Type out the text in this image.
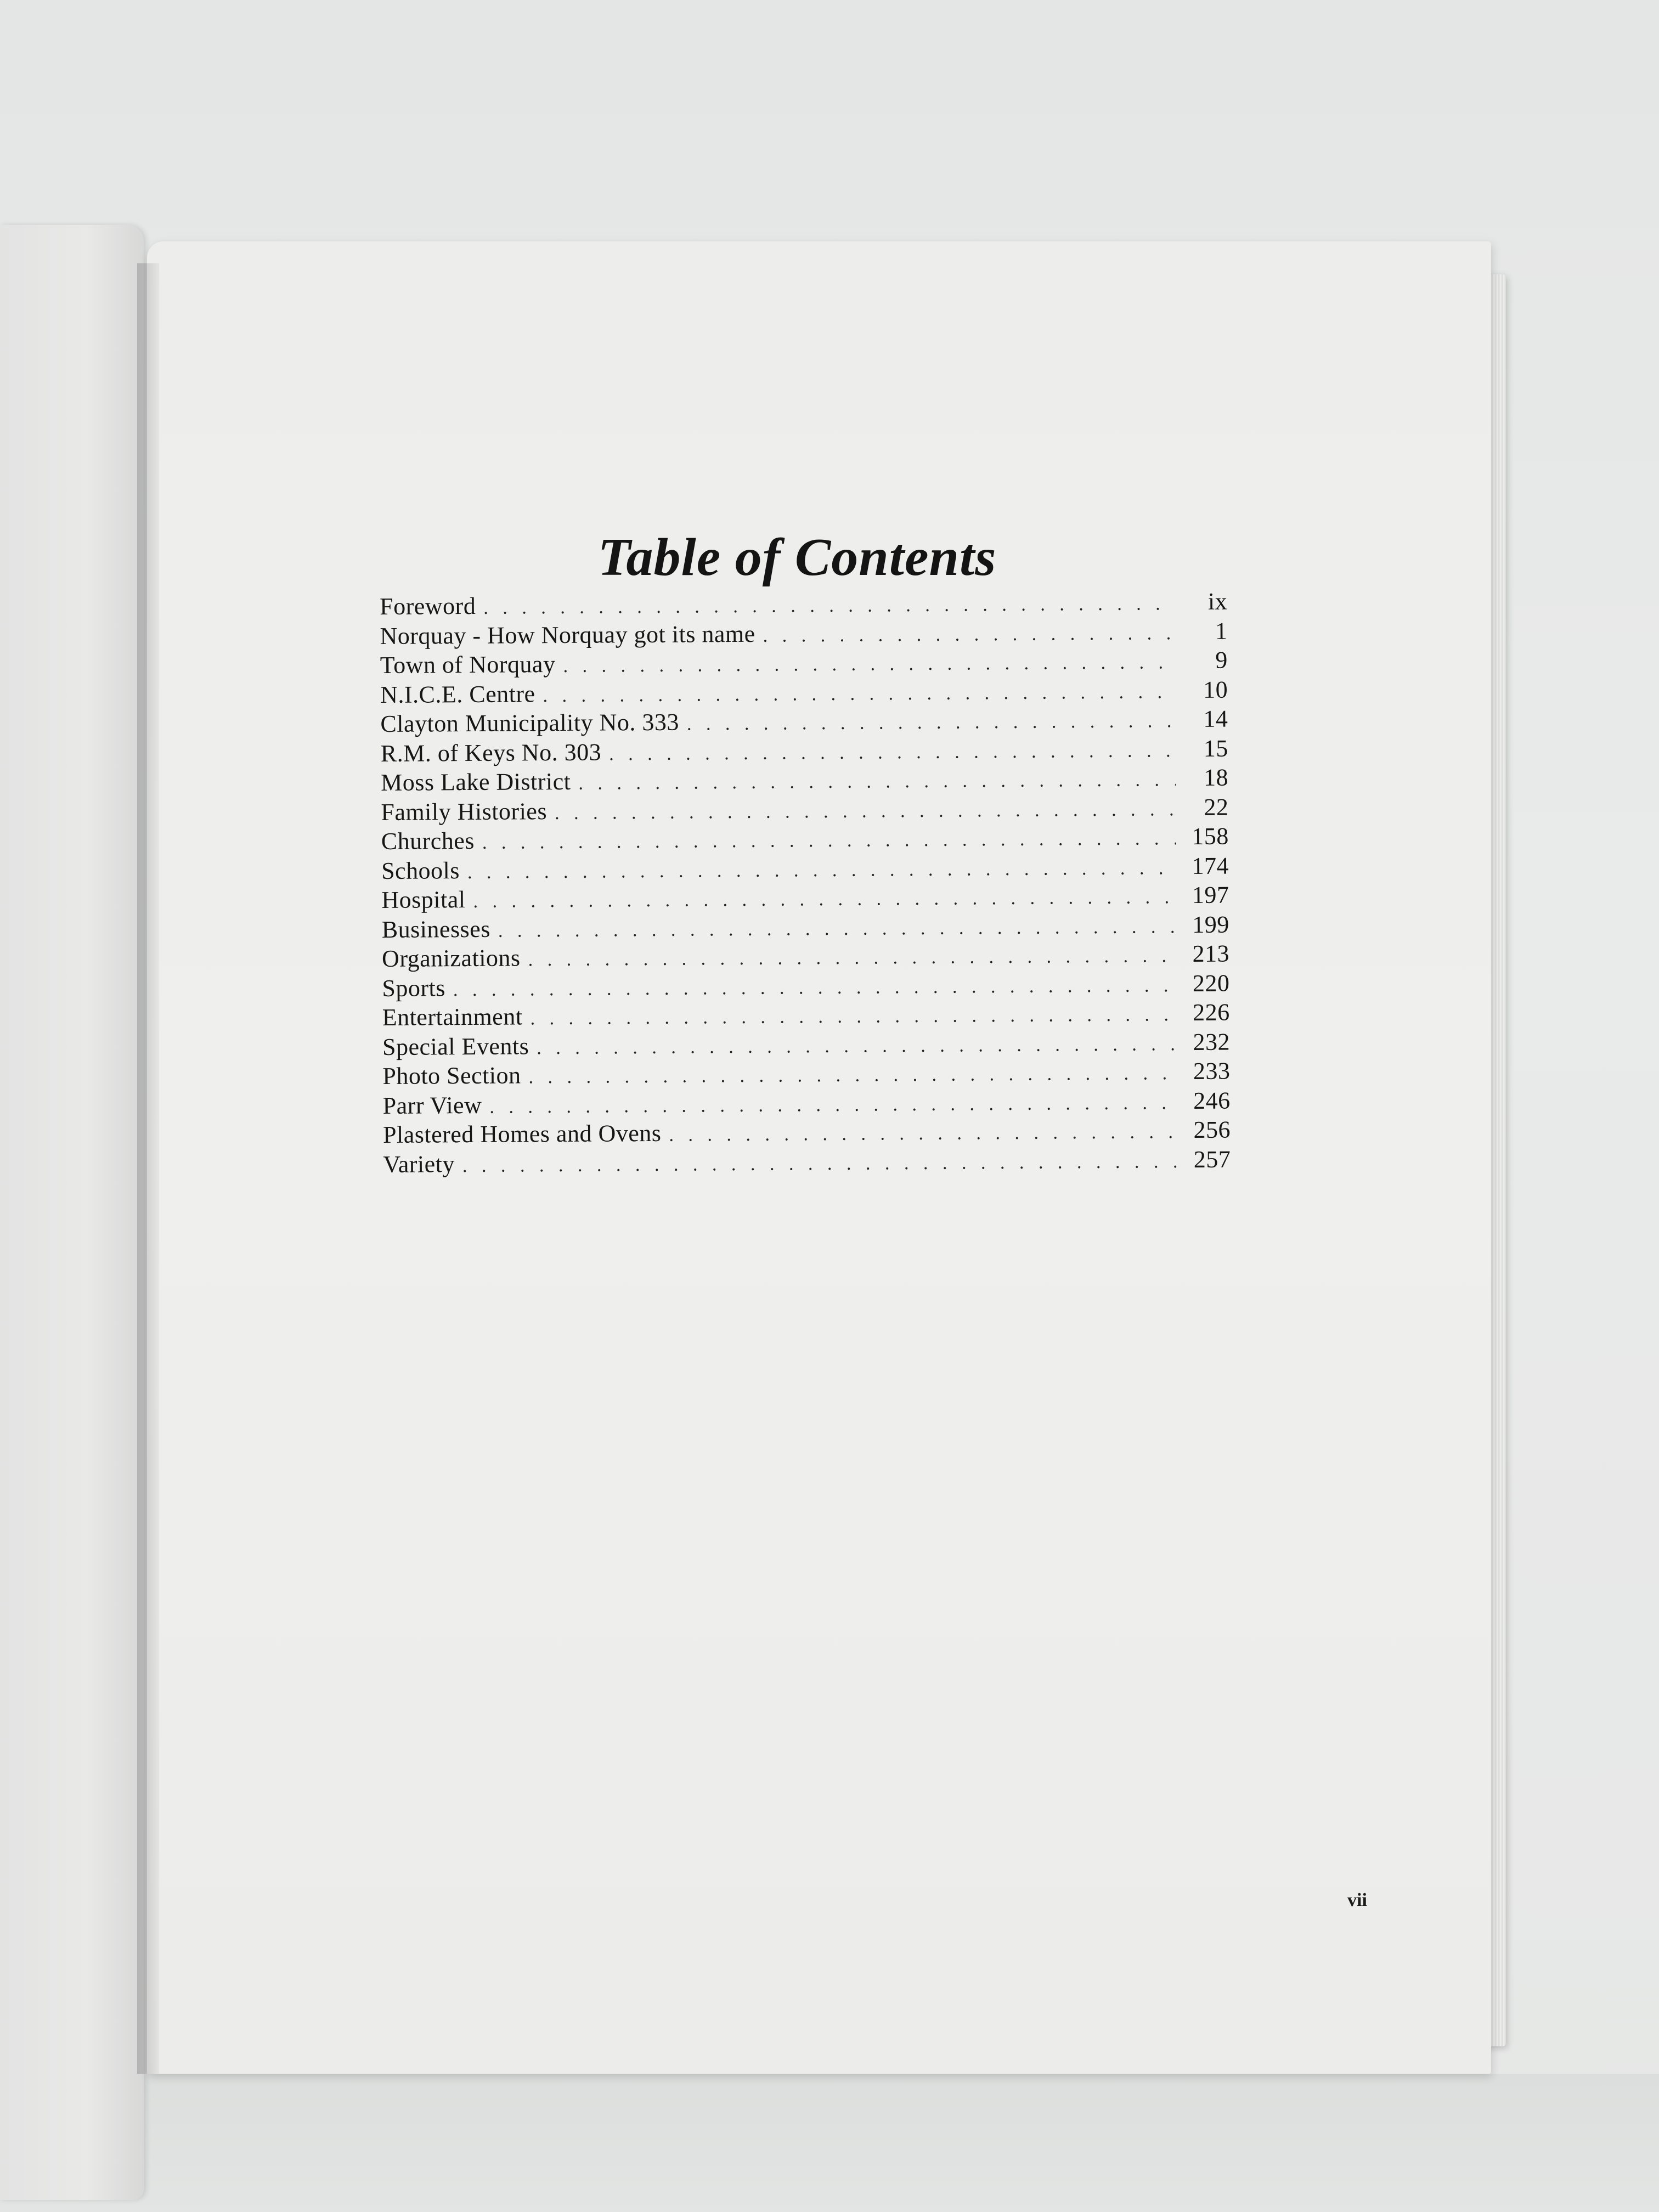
Table of Contents
Foreword . . .	ix
Norquay - How Norquay got its name . . .	1
Town of Norquay . . .	9
N.I.C.E. Centre . . .	10
Clayton Municipality No. 333 . . .	14
R.M. of Keys No. 303 . . .	15
Moss Lake District . . .	18
Family Histories . . .	22
Churches . . .	158
Schools . . .	174
Hospital . . .	197
Businesses . . .	199
Organizations . . .	213
Sports . . .	220
Entertainment . . .	226
Special Events . . .	232
Photo Section . . .	233
Parr View . . .	246
Plastered Homes and Ovens . . .	256
Variety . . .	257
vii
